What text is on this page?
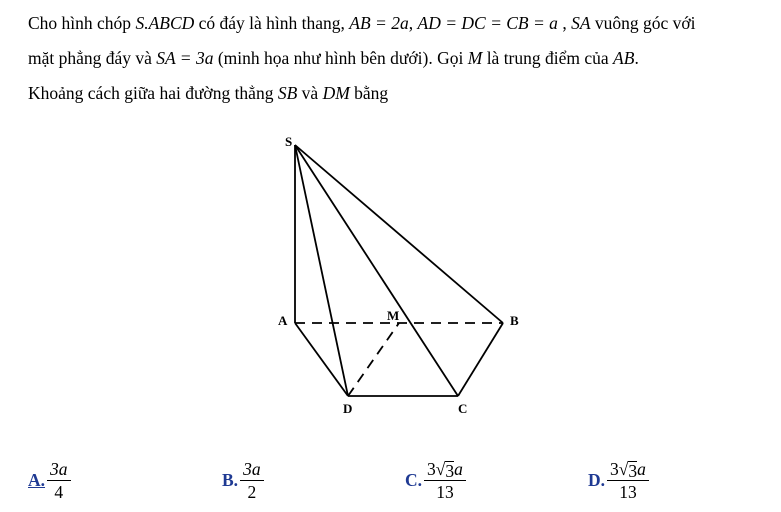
Cho hình chóp S.ABCD có đáy là hình thang, AB = 2a, AD = DC = CB = a , SA vuông góc với
mặt phẳng đáy và SA = 3a (minh họa như hình bên dưới). Gọi M là trung điểm của AB.
Khoảng cách giữa hai đường thẳng SB và DM bằng
S
A	M	B
D	C
A. $\frac{3a}{4}$	B. $\frac{3a}{2}$	C. $\frac{3 √ 3 a}{13}$	D. $\frac{3 √ 3 a}{13}$
